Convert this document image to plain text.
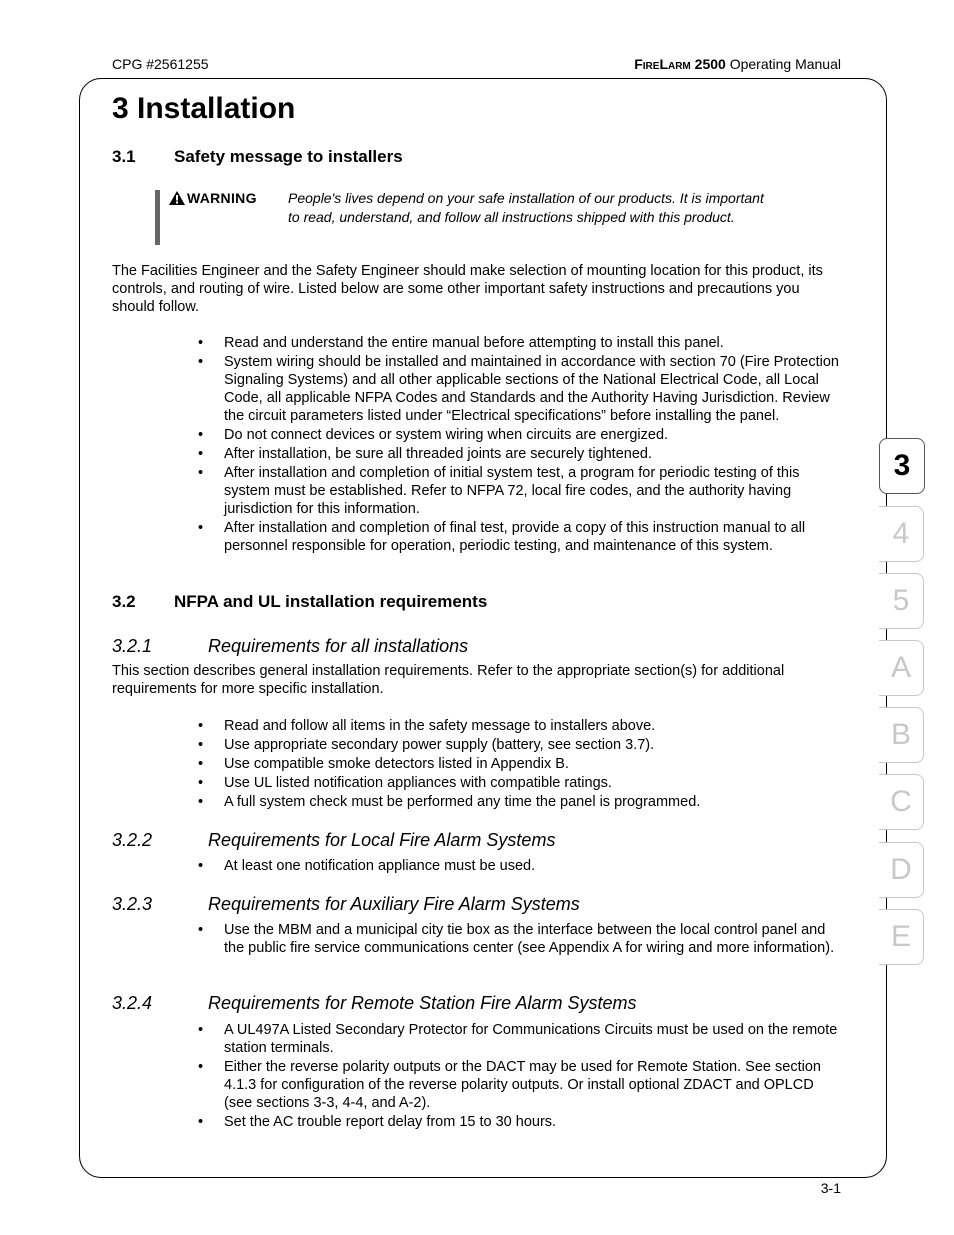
CPG #2561255	FireLarm 2500 Operating Manual
3 Installation
3.1 Safety message to installers
WARNING People's lives depend on your safe installation of our products. It is important to read, understand, and follow all instructions shipped with this product.
The Facilities Engineer and the Safety Engineer should make selection of mounting location for this product, its controls, and routing of wire. Listed below are some other important safety instructions and precautions you should follow.
• Read and understand the entire manual before attempting to install this panel.
• System wiring should be installed and maintained in accordance with section 70 (Fire Protection Signaling Systems) and all other applicable sections of the National Electrical Code, all Local Code, all applicable NFPA Codes and Standards and the Authority Having Jurisdiction. Review the circuit parameters listed under “Electrical specifications” before installing the panel.
• Do not connect devices or system wiring when circuits are energized.
• After installation, be sure all threaded joints are securely tightened.
• After installation and completion of initial system test, a program for periodic testing of this system must be established. Refer to NFPA 72, local fire codes, and the authority having jurisdiction for this information.
• After installation and completion of final test, provide a copy of this instruction manual to all personnel responsible for operation, periodic testing, and maintenance of this system.
3.2 NFPA and UL installation requirements
3.2.1	Requirements for all installations
This section describes general installation requirements. Refer to the appropriate section(s) for additional requirements for more specific installation.
• Read and follow all items in the safety message to installers above.
• Use appropriate secondary power supply (battery, see section 3.7).
• Use compatible smoke detectors listed in Appendix B.
• Use UL listed notification appliances with compatible ratings.
• A full system check must be performed any time the panel is programmed.
3.2.2	Requirements for Local Fire Alarm Systems
• At least one notification appliance must be used.
3.2.3	Requirements for Auxiliary Fire Alarm Systems
• Use the MBM and a municipal city tie box as the interface between the local control panel and the public fire service communications center (see Appendix A for wiring and more information).
3.2.4	Requirements for Remote Station Fire Alarm Systems
• A UL497A Listed Secondary Protector for Communications Circuits must be used on the remote station terminals.
• Either the reverse polarity outputs or the DACT may be used for Remote Station. See section 4.1.3 for configuration of the reverse polarity outputs. Or install optional ZDACT and OPLCD (see sections 3-3, 4-4, and A-2).
• Set the AC trouble report delay from 15 to 30 hours.
3
4
5
A
B
C
D
E
3-1
